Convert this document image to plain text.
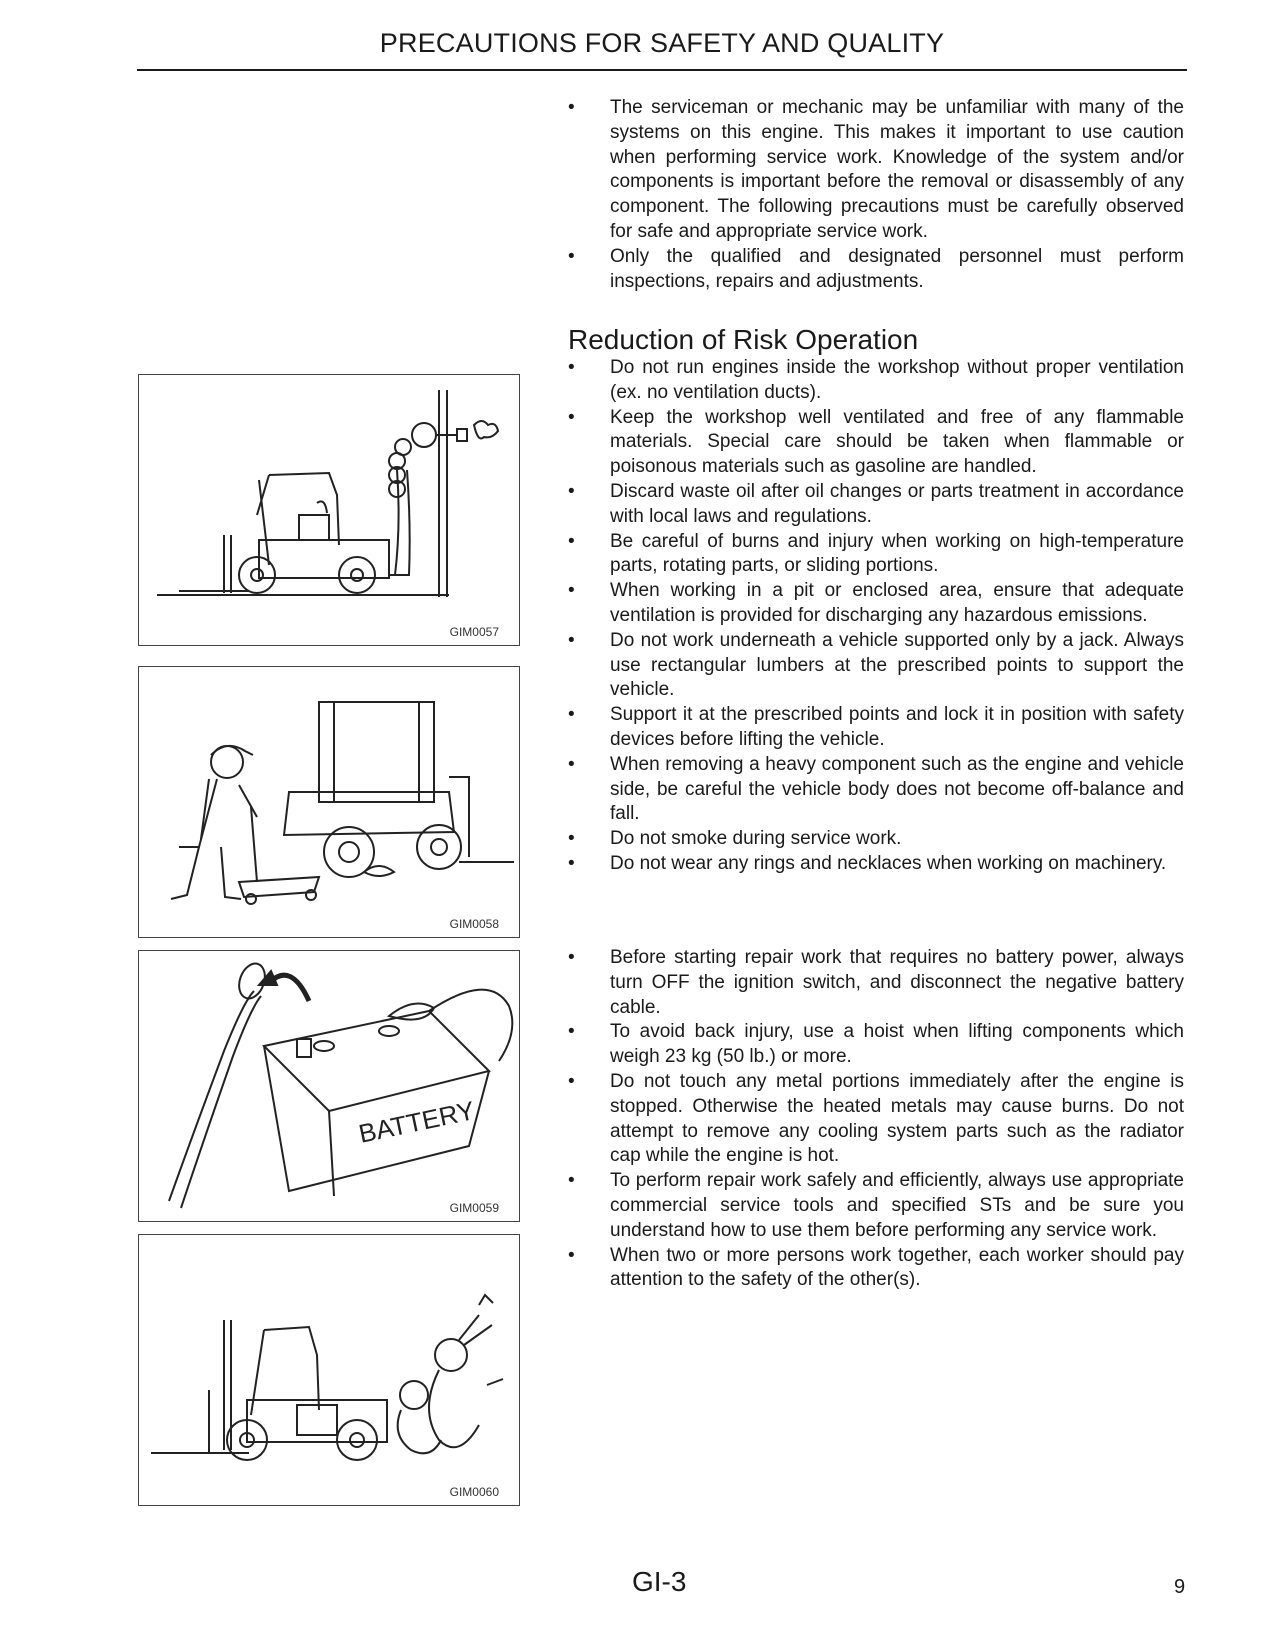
PRECAUTIONS FOR SAFETY AND QUALITY
• The serviceman or mechanic may be unfamiliar with many of the systems on this engine. This makes it important to use caution when performing service work. Knowledge of the system and/or components is important before the removal or disassembly of any component. The following precautions must be carefully observed for safe and appropriate service work.
• Only the qualified and designated personnel must perform inspections, repairs and adjustments.
Reduction of Risk Operation
• Do not run engines inside the workshop without proper ventilation (ex. no ventilation ducts).
• Keep the workshop well ventilated and free of any flammable materials. Special care should be taken when flammable or poisonous materials such as gasoline are handled.
• Discard waste oil after oil changes or parts treatment in accordance with local laws and regulations.
• Be careful of burns and injury when working on high-temperature parts, rotating parts, or sliding portions.
• When working in a pit or enclosed area, ensure that adequate ventilation is provided for discharging any hazardous emissions.
• Do not work underneath a vehicle supported only by a jack. Always use rectangular lumbers at the prescribed points to support the vehicle.
• Support it at the prescribed points and lock it in position with safety devices before lifting the vehicle.
• When removing a heavy component such as the engine and vehicle side, be careful the vehicle body does not become off-balance and fall.
• Do not smoke during service work.
• Do not wear any rings and necklaces when working on machinery.
• Before starting repair work that requires no battery power, always turn OFF the ignition switch, and disconnect the negative battery cable.
• To avoid back injury, use a hoist when lifting components which weigh 23 kg (50 lb.) or more.
• Do not touch any metal portions immediately after the engine is stopped. Otherwise the heated metals may cause burns. Do not attempt to remove any cooling system parts such as the radiator cap while the engine is hot.
• To perform repair work safely and efficiently, always use appropriate commercial service tools and specified STs and be sure you understand how to use them before performing any service work.
• When two or more persons work together, each worker should pay attention to the safety of the other(s).
GIM0057
GIM0058
BATTERY
GIM0059
GIM0060
GI-3	9
